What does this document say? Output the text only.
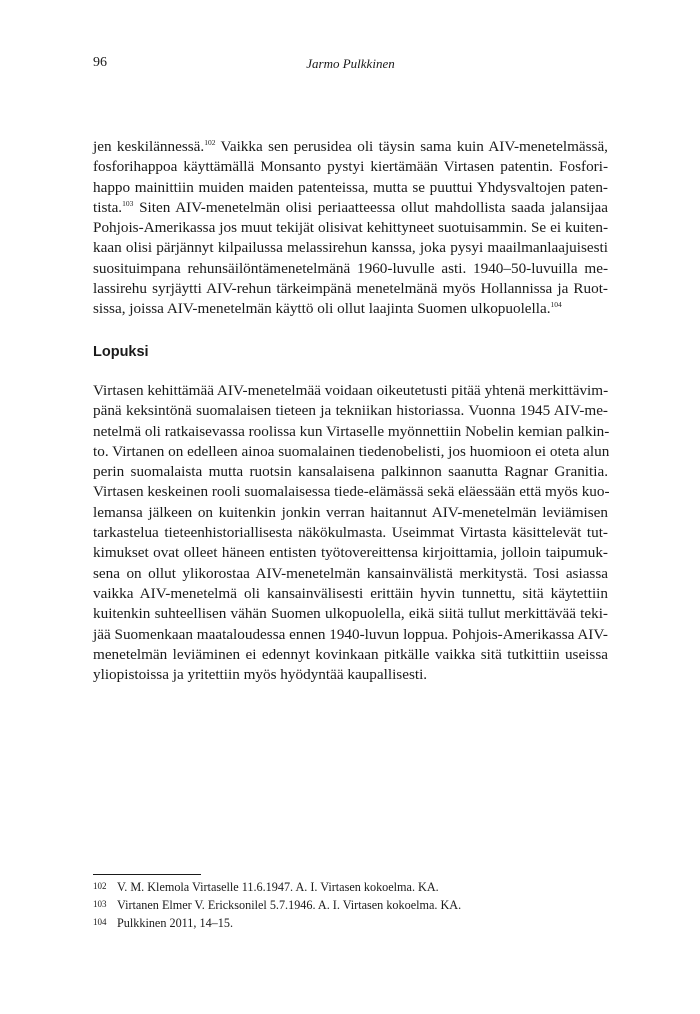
96	Jarmo Pulkkinen
jen keskilännessä.$^{102}$ Vaikka sen perusidea oli täysin sama kuin AIV-menetelmässä,
fosforihappoa käyttämällä Monsanto pystyi kiertämään Virtasen patentin. Fosfori-
happo mainittiin muiden maiden patenteissa, mutta se puuttui Yhdysvaltojen paten-
tista.$^{103}$ Siten AIV-menetelmän olisi periaatteessa ollut mahdollista saada jalansijaa
Pohjois-Amerikassa jos muut tekijät olisivat kehittyneet suotuisammin. Se ei kuiten-
kaan olisi pärjännyt kilpailussa melassirehun kanssa, joka pysyi maailmanlaajuisesti
suosituimpana rehunsäilöntämenetelmänä 1960-luvulle asti. 1940–50-luvuilla me-
lassirehu syrjäytti AIV-rehun tärkeimpänä menetelmänä myös Hollannissa ja Ruot-
sissa, joissa AIV-menetelmän käyttö oli ollut laajinta Suomen ulkopuolella.$^{104}$
Lopuksi
Virtasen kehittämää AIV-menetelmää voidaan oikeutetusti pitää yhtenä merkittävim-
pänä keksintönä suomalaisen tieteen ja tekniikan historiassa. Vuonna 1945 AIV-me-
netelmä oli ratkaisevassa roolissa kun Virtaselle myönnettiin Nobelin kemian palkin-
to. Virtanen on edelleen ainoa suomalainen tiedenobelisti, jos huomioon ei oteta alun
perin suomalaista mutta ruotsin kansalaisena palkinnon saanutta Ragnar Granitia.
Virtasen keskeinen rooli suomalaisessa tiede-elämässä sekä eläessään että myös kuo-
lemansa jälkeen on kuitenkin jonkin verran haitannut AIV-menetelmän leviämisen
tarkastelua tieteenhistoriallisesta näkökulmasta. Useimmat Virtasta käsittelevät tut-
kimukset ovat olleet häneen entisten työtovereittensa kirjoittamia, jolloin taipumuk-
sena on ollut ylikorostaa AIV-menetelmän kansainvälistä merkitystä. Tosi asiassa
vaikka AIV-menetelmä oli kansainvälisesti erittäin hyvin tunnettu, sitä käytettiin
kuitenkin suhteellisen vähän Suomen ulkopuolella, eikä siitä tullut merkittävää teki-
jää Suomenkaan maataloudessa ennen 1940-luvun loppua. Pohjois-Amerikassa AIV-
menetelmän leviäminen ei edennyt kovinkaan pitkälle vaikka sitä tutkittiin useissa
yliopistoissa ja yritettiin myös hyödyntää kaupallisesti.
102 V. M. Klemola Virtaselle 11.6.1947. A. I. Virtasen kokoelma. KA.
103 Virtanen Elmer V. Ericksonilel 5.7.1946. A. I. Virtasen kokoelma. KA.
104 Pulkkinen 2011, 14–15.
